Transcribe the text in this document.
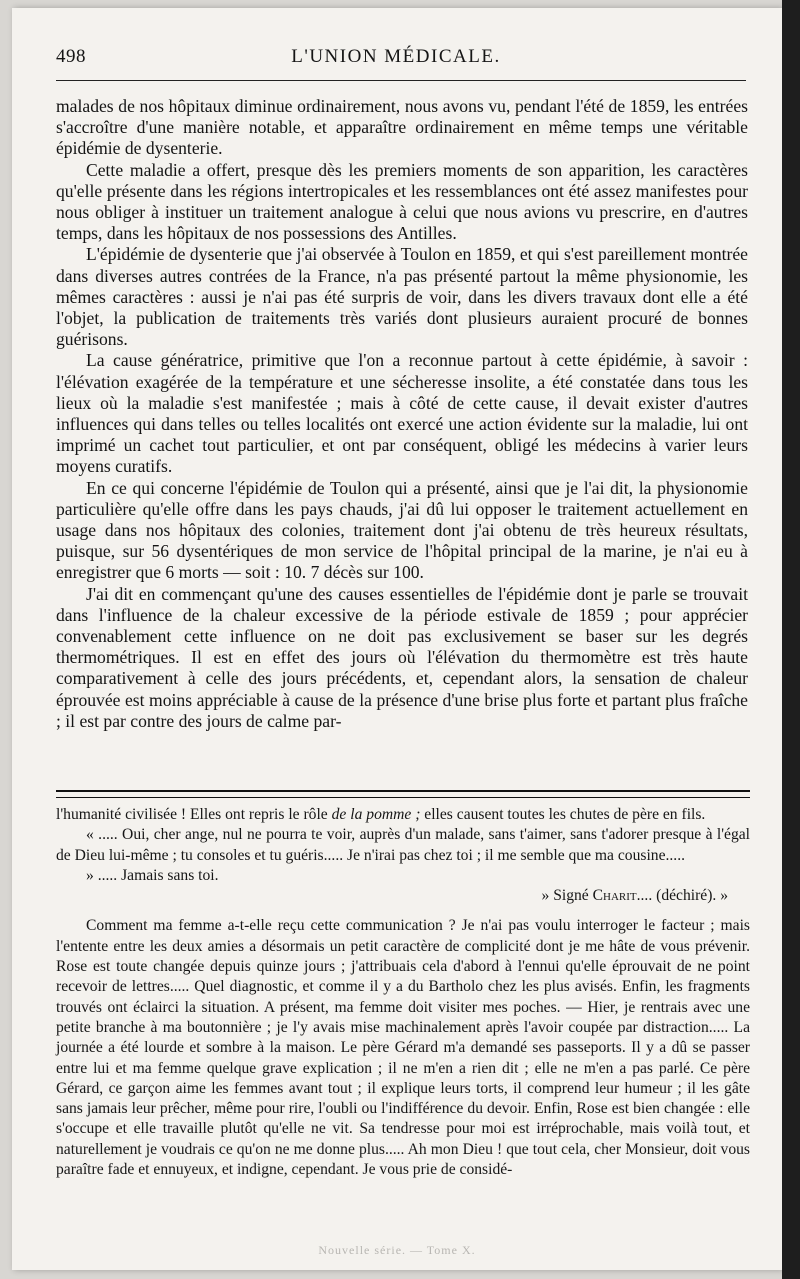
498	L'UNION MÉDICALE.

malades de nos hôpitaux diminue ordinairement, nous avons vu, pendant l'été de 1859, les entrées s'accroître d'une manière notable, et apparaître ordinairement en même temps une véritable épidémie de dysenterie.

Cette maladie a offert, presque dès les premiers moments de son apparition, les caractères qu'elle présente dans les régions intertropicales et les ressemblances ont été assez manifestes pour nous obliger à instituer un traitement analogue à celui que nous avions vu prescrire, en d'autres temps, dans les hôpitaux de nos possessions des Antilles.

L'épidémie de dysenterie que j'ai observée à Toulon en 1859, et qui s'est pareillement montrée dans diverses autres contrées de la France, n'a pas présenté partout la même physionomie, les mêmes caractères : aussi je n'ai pas été surpris de voir, dans les divers travaux dont elle a été l'objet, la publication de traitements très variés dont plusieurs auraient procuré de bonnes guérisons.

La cause génératrice, primitive que l'on a reconnue partout à cette épidémie, à savoir : l'élévation exagérée de la température et une sécheresse insolite, a été constatée dans tous les lieux où la maladie s'est manifestée ; mais à côté de cette cause, il devait exister d'autres influences qui dans telles ou telles localités ont exercé une action évidente sur la maladie, lui ont imprimé un cachet tout particulier, et ont par conséquent, obligé les médecins à varier leurs moyens curatifs.

En ce qui concerne l'épidémie de Toulon qui a présenté, ainsi que je l'ai dit, la physionomie particulière qu'elle offre dans les pays chauds, j'ai dû lui opposer le traitement actuellement en usage dans nos hôpitaux des colonies, traitement dont j'ai obtenu de très heureux résultats, puisque, sur 56 dysentériques de mon service de l'hôpital principal de la marine, je n'ai eu à enregistrer que 6 morts — soit : 10. 7 décès sur 100.

J'ai dit en commençant qu'une des causes essentielles de l'épidémie dont je parle se trouvait dans l'influence de la chaleur excessive de la période estivale de 1859 ; pour apprécier convenablement cette influence on ne doit pas exclusivement se baser sur les degrés thermométriques. Il est en effet des jours où l'élévation du thermomètre est très haute comparativement à celle des jours précédents, et, cependant alors, la sensation de chaleur éprouvée est moins appréciable à cause de la présence d'une brise plus forte et partant plus fraîche ; il est par contre des jours de calme par-

l'humanité civilisée ! Elles ont repris le rôle de la pomme ; elles causent toutes les chutes de père en fils.

« ..... Oui, cher ange, nul ne pourra te voir, auprès d'un malade, sans t'aimer, sans t'adorer presque à l'égal de Dieu lui-même ; tu consoles et tu guéris..... Je n'irai pas chez toi ; il me semble que ma cousine.....

» ..... Jamais sans toi.

» Signé Charit.... (déchiré). »

Comment ma femme a-t-elle reçu cette communication ? Je n'ai pas voulu interroger le facteur ; mais l'entente entre les deux amies a désormais un petit caractère de complicité dont je me hâte de vous prévenir. Rose est toute changée depuis quinze jours ; j'attribuais cela d'abord à l'ennui qu'elle éprouvait de ne point recevoir de lettres..... Quel diagnostic, et comme il y a du Bartholo chez les plus avisés. Enfin, les fragments trouvés ont éclairci la situation. A présent, ma femme doit visiter mes poches. — Hier, je rentrais avec une petite branche à ma boutonnière ; je l'y avais mise machinalement après l'avoir coupée par distraction..... La journée a été lourde et sombre à la maison. Le père Gérard m'a demandé ses passeports. Il y a dû se passer entre lui et ma femme quelque grave explication ; il ne m'en a rien dit ; elle ne m'en a pas parlé. Ce père Gérard, ce garçon aime les femmes avant tout ; il explique leurs torts, il comprend leur humeur ; il les gâte sans jamais leur prêcher, même pour rire, l'oubli ou l'indifférence du devoir. Enfin, Rose est bien changée : elle s'occupe et elle travaille plutôt qu'elle ne vit. Sa tendresse pour moi est irréprochable, mais voilà tout, et naturellement je voudrais ce qu'on ne me donne plus..... Ah mon Dieu ! que tout cela, cher Monsieur, doit vous paraître fade et ennuyeux, et indigne, cependant. Je vous prie de considé-

Nouvelle série. — Tome X.
